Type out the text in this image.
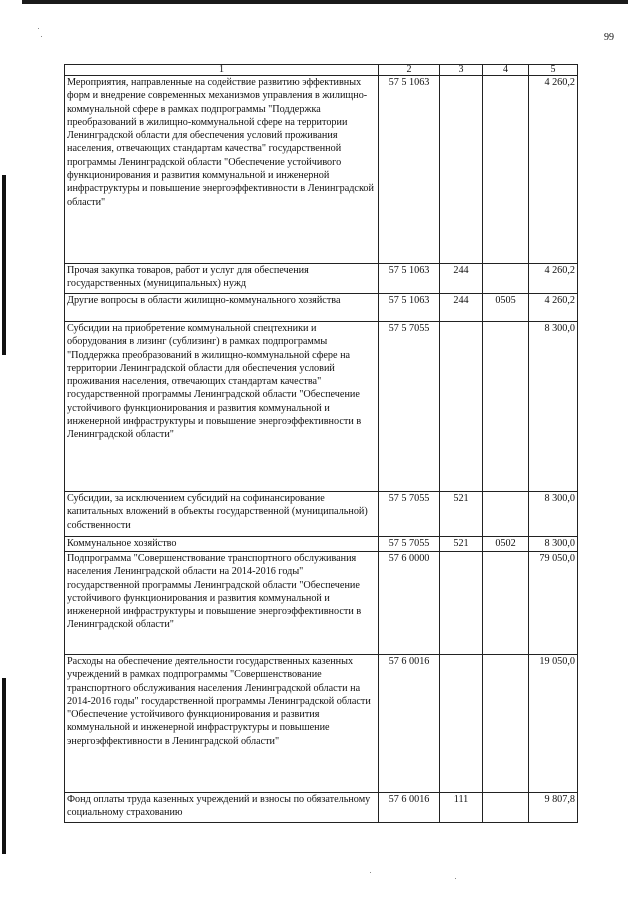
99
1	2	3	4	5
Мероприятия, направленные на содействие развитию эффективных форм и внедрение современных механизмов управления в жилищно-коммунальной сфере в рамках подпрограммы "Поддержка преобразований в жилищно-коммунальной сфере на территории Ленинградской области для обеспечения условий проживания населения, отвечающих стандартам качества" государственной программы Ленинградской области "Обеспечение устойчивого функционирования и развития коммунальной и инженерной инфраструктуры и повышение энергоэффективности в Ленинградской области"	57 5 1063			4 260,2
Прочая закупка товаров, работ и услуг для обеспечения государственных (муниципальных) нужд	57 5 1063	244		4 260,2
Другие вопросы в области жилищно-коммунального хозяйства	57 5 1063	244	0505	4 260,2
Субсидии на приобретение коммунальной спецтехники и оборудования в лизинг (сублизинг) в рамках подпрограммы "Поддержка преобразований в жилищно-коммунальной сфере на территории Ленинградской области для обеспечения условий проживания населения, отвечающих стандартам качества" государственной программы Ленинградской области "Обеспечение устойчивого функционирования и развития коммунальной и инженерной инфраструктуры и повышение энергоэффективности в Ленинградской области"	57 5 7055			8 300,0
Субсидии, за исключением субсидий на софинансирование капитальных вложений в объекты государственной (муниципальной) собственности	57 5 7055	521		8 300,0
Коммунальное хозяйство	57 5 7055	521	0502	8 300,0
Подпрограмма "Совершенствование транспортного обслуживания населения Ленинградской области на 2014-2016 годы" государственной программы Ленинградской области "Обеспечение устойчивого функционирования и развития коммунальной и инженерной инфраструктуры и повышение энергоэффективности в Ленинградской области"	57 6 0000			79 050,0
Расходы на обеспечение деятельности государственных казенных учреждений в рамках подпрограммы "Совершенствование транспортного обслуживания населения Ленинградской области на 2014-2016 годы" государственной программы Ленинградской области "Обеспечение устойчивого функционирования и развития коммунальной и инженерной инфраструктуры и повышение энергоэффективности в Ленинградской области"	57 6 0016			19 050,0
Фонд оплаты труда казенных учреждений и взносы по обязательному социальному страхованию	57 6 0016	111		9 807,8
